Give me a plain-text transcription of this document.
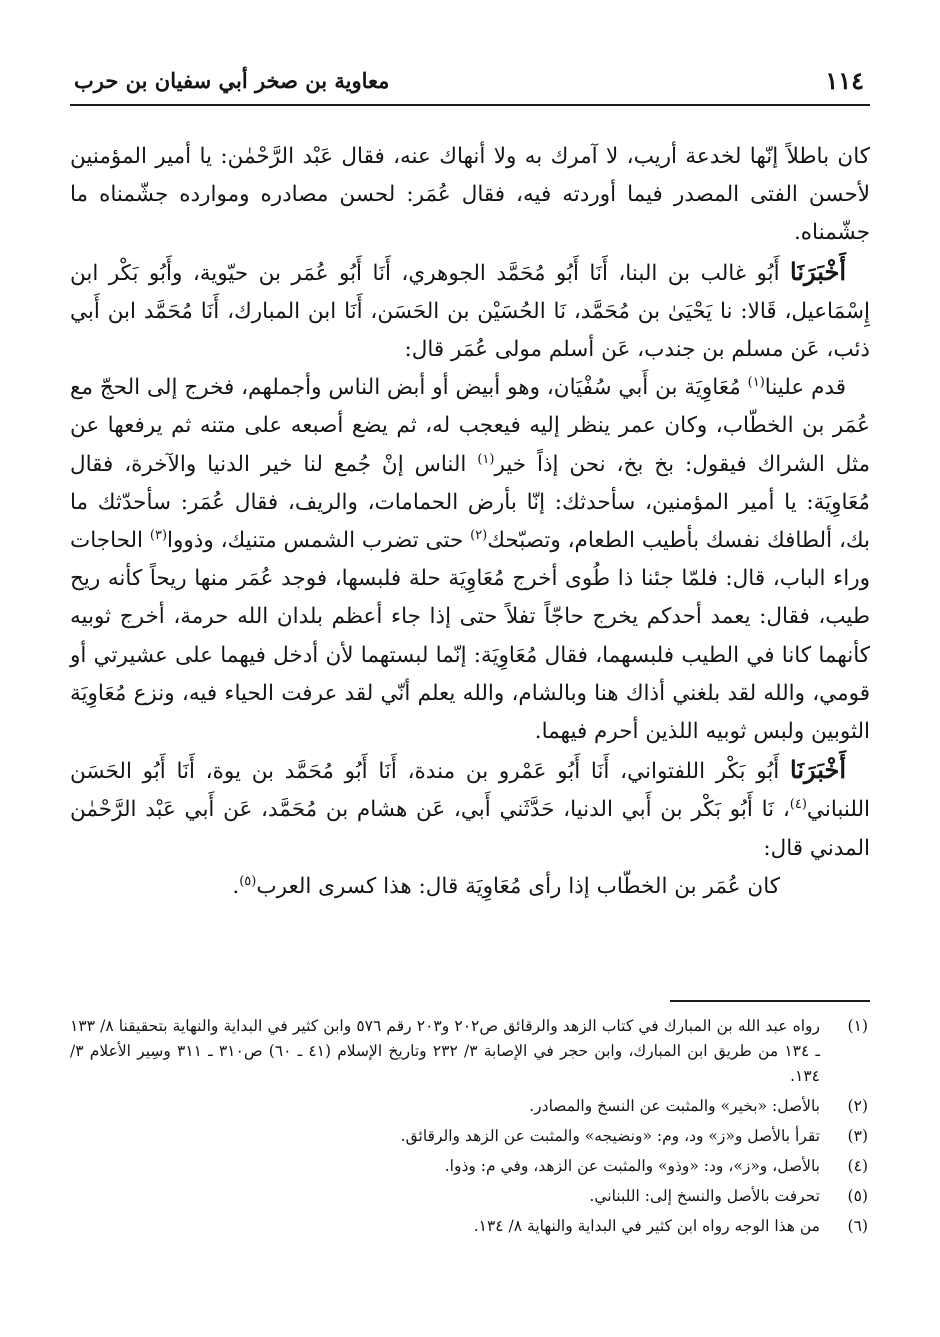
١١٤
معاوية بن صخر أبي سفيان بن حرب

كان باطلاً إنّها لخدعة أريب، لا آمرك به ولا أنهاك عنه، فقال عَبْد الرَّحْمٰن: يا أمير المؤمنين لأحسن الفتى المصدر فيما أوردته فيه، فقال عُمَر: لحسن مصادره وموارده جشّمناه ما جشّمناه.

أَخْبَرَنَا أَبُو غالب بن البنا، أَنَا أَبُو مُحَمَّد الجوهري، أَنَا أَبُو عُمَر بن حيّوية، وأَبُو بَكْر ابن إِسْمَاعيل، قَالا: نا يَحْيَىٰ بن مُحَمَّد، نَا الحُسَيْن بن الحَسَن، أَنَا ابن المبارك، أَنَا مُحَمَّد ابن أَبي ذئب، عَن مسلم بن جندب، عَن أسلم مولى عُمَر قال:

قدم علينا$^{(١)}$ مُعَاوِيَة بن أَبي سُفْيَان، وهو أبيض أو أبض الناس وأجملهم، فخرج إلى الحجّ مع عُمَر بن الخطّاب، وكان عمر ينظر إليه فيعجب له، ثم يضع أصبعه على متنه ثم يرفعها عن مثل الشراك فيقول: بخ بخ، نحن إذاً خير$^{(١)}$ الناس إنْ جُمع لنا خير الدنيا والآخرة، فقال مُعَاوِيَة: يا أمير المؤمنين، سأحدثك: إنّا بأرض الحمامات، والريف، فقال عُمَر: سأحدّثك ما بك، ألطافك نفسك بأطيب الطعام، وتصبّحك$^{(٢)}$ حتى تضرب الشمس متنيك، وذووا$^{(٣)}$ الحاجات وراء الباب، قال: فلمّا جئنا ذا طُوى أخرج مُعَاوِيَة حلة فلبسها، فوجد عُمَر منها ريحاً كأنه ريح طيب، فقال: يعمد أحدكم يخرج حاجّاً تفلاً حتى إذا جاء أعظم بلدان الله حرمة، أخرج ثوبيه كأنهما كانا في الطيب فلبسهما، فقال مُعَاوِيَة: إنّما لبستهما لأن أدخل فيهما على عشيرتي أو قومي، والله لقد بلغني أذاك هنا وبالشام، والله يعلم أنّي لقد عرفت الحياء فيه، ونزع مُعَاوِيَة الثوبين ولبس ثوبيه اللذين أحرم فيهما.

أَخْبَرَنَا أَبُو بَكْر اللفتواني، أَنَا أَبُو عَمْرو بن مندة، أَنَا أَبُو مُحَمَّد بن يوة، أَنَا أَبُو الحَسَن اللنباني$^{(٤)}$، نَا أَبُو بَكْر بن أَبي الدنيا، حَدَّثَني أَبي، عَن هشام بن مُحَمَّد، عَن أَبي عَبْد الرَّحْمٰن المدني قال:

كان عُمَر بن الخطّاب إذا رأى مُعَاوِيَة قال: هذا كسرى العرب$^{(٥)}$.

(١)
رواه عبد الله بن المبارك في كتاب الزهد والرقائق ص٢٠٢ و٢٠٣ رقم ٥٧٦ وابن كثير في البداية والنهاية بتحقيقنا ٨/ ١٣٣ ـ ١٣٤ من طريق ابن المبارك، وابن حجر في الإصابة ٣/ ٢٣٢ وتاريخ الإسلام (٤١ ـ ٦٠) ص٣١٠ ـ ٣١١ وسِير الأعلام ٣/ ١٣٤.
(٢)
بالأصل: «بخير» والمثبت عن النسخ والمصادر.
(٣)
تقرأ بالأصل و«ز» ود، وم: «ونضيجه» والمثبت عن الزهد والرقائق.
(٤)
بالأصل، و«ز»، ود: «وذو» والمثبت عن الزهد، وفي م: وذوا.
(٥)
تحرفت بالأصل والنسخ إلى: اللبناني.
(٦)
من هذا الوجه رواه ابن كثير في البداية والنهاية ٨/ ١٣٤.
